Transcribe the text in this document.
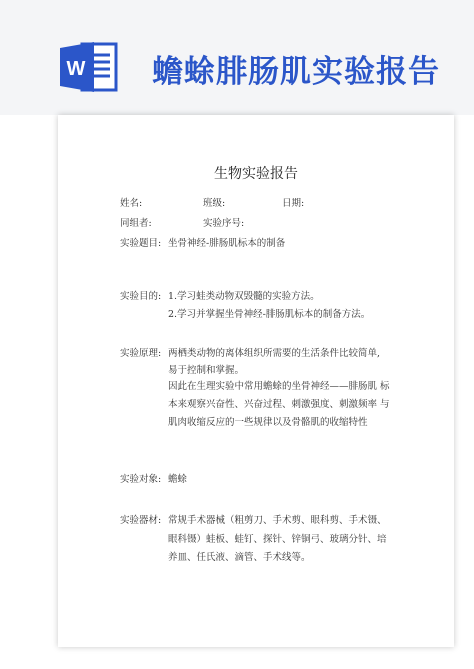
W 蟾蜍腓肠肌实验报告
生物实验报告
姓名:	班级:	日期:
同组者:	实验序号:
实验题目: 坐骨神经-腓肠肌标本的制备
实验目的: 1.学习蛙类动物双毁髓的实验方法。
2.学习并掌握坐骨神经-腓肠肌标本的制备方法。
实验原理: 两栖类动物的离体组织所需要的生活条件比较简单,
易于控制和掌握。
因此在生理实验中常用蟾蜍的坐骨神经——腓肠肌 标
本来观察兴奋性、兴奋过程、刺激强度、刺激频率 与
肌肉收缩反应的一些规律以及骨骼肌的收缩特性
实验对象: 蟾蜍
实验器材: 常规手术器械（粗剪刀、手术剪、眼科剪、手术镊、
眼科镊）蛙板、蛙钉、探针、锌铜弓、玻璃分针、培
养皿、任氏液、滴管、手术线等。
